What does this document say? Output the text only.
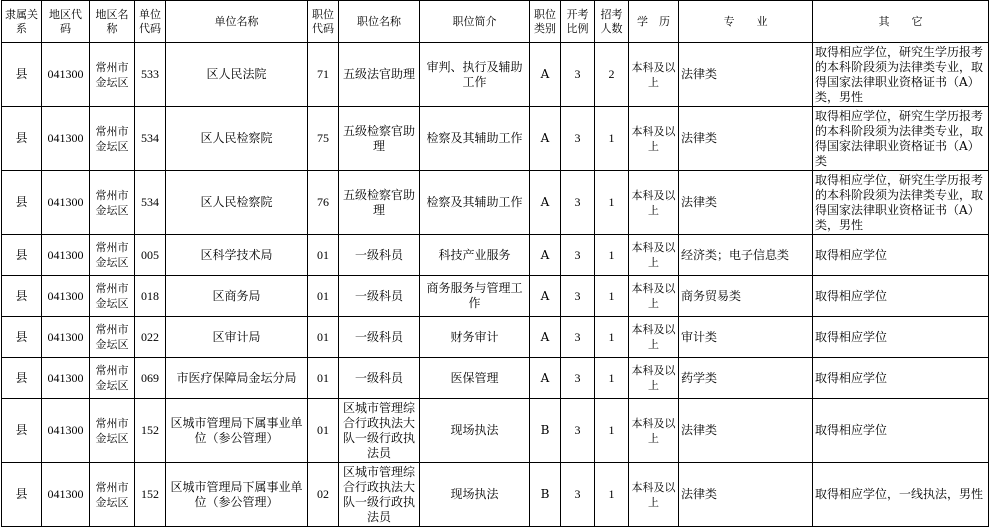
隶属关系	地区代码	地区名称	单位代码	单位名称	职位代码	职位名称	职位简介	职位类别	开考比例	招考人数	学　历	专　　业	其　　它
县	041300	常州市金坛区	533	区人民法院	71	五级法官助理	审判、执行及辅助工作	A	3	2	本科及以上	法律类	取得相应学位，研究生学历报考的本科阶段须为法律类专业，取得国家法律职业资格证书（A）类，男性
县	041300	常州市金坛区	534	区人民检察院	75	五级检察官助理	检察及其辅助工作	A	3	1	本科及以上	法律类	取得相应学位，研究生学历报考的本科阶段须为法律类专业，取得国家法律职业资格证书（A）类
县	041300	常州市金坛区	534	区人民检察院	76	五级检察官助理	检察及其辅助工作	A	3	1	本科及以上	法律类	取得相应学位，研究生学历报考的本科阶段须为法律类专业，取得国家法律职业资格证书（A）类，男性
县	041300	常州市金坛区	005	区科学技术局	01	一级科员	科技产业服务	A	3	1	本科及以上	经济类；电子信息类	取得相应学位
县	041300	常州市金坛区	018	区商务局	01	一级科员	商务服务与管理工作	A	3	1	本科及以上	商务贸易类	取得相应学位
县	041300	常州市金坛区	022	区审计局	01	一级科员	财务审计	A	3	1	本科及以上	审计类	取得相应学位
县	041300	常州市金坛区	069	市医疗保障局金坛分局	01	一级科员	医保管理	A	3	1	本科及以上	药学类	取得相应学位
县	041300	常州市金坛区	152	区城市管理局下属事业单位（参公管理）	01	区城市管理综合行政执法大队一级行政执法员	现场执法	B	3	1	本科及以上	法律类	取得相应学位
县	041300	常州市金坛区	152	区城市管理局下属事业单位（参公管理）	02	区城市管理综合行政执法大队一级行政执法员	现场执法	B	3	1	本科及以上	法律类	取得相应学位，一线执法，男性
